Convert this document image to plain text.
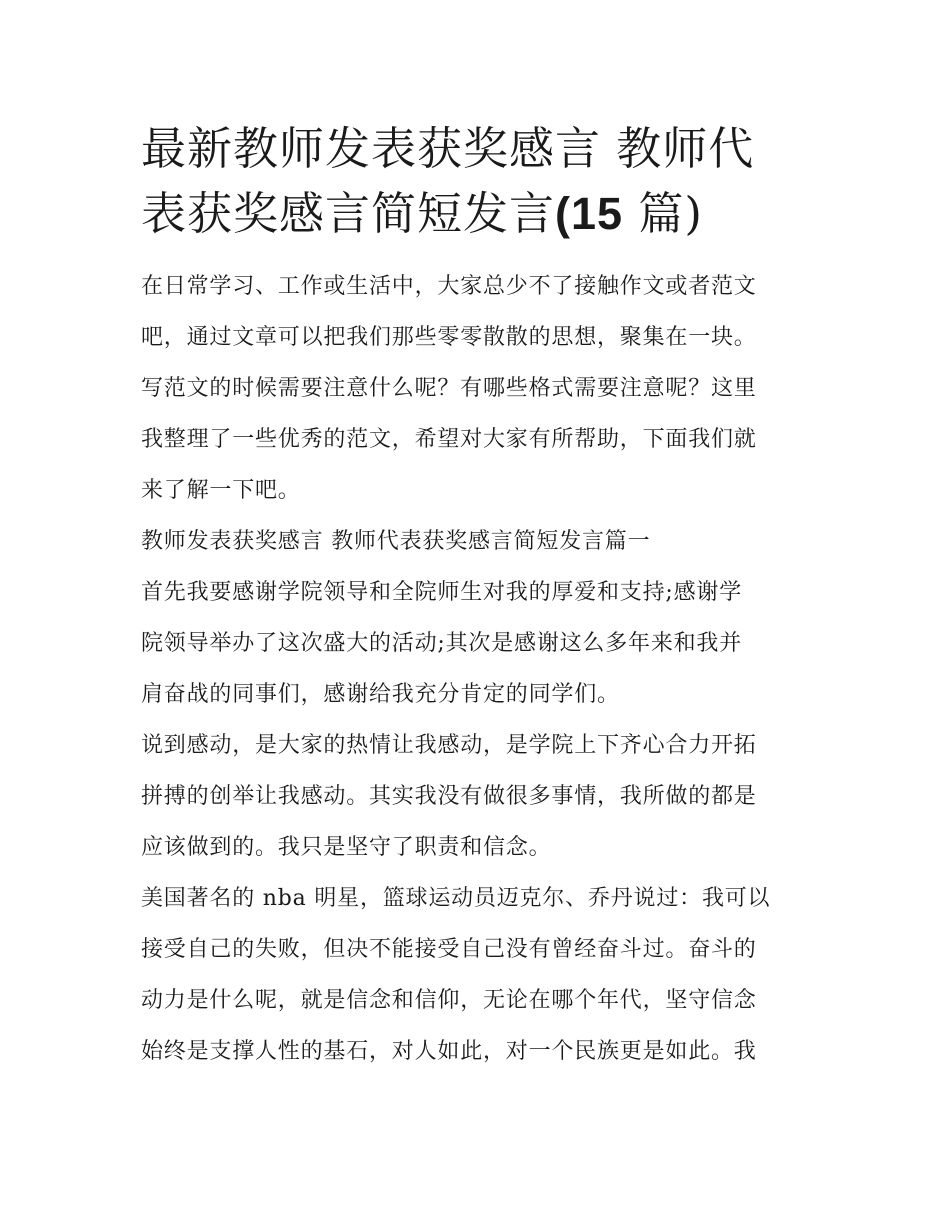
最新教师发表获奖感言 教师代
表获奖感言简短发言(15 篇)
在日常学习、工作或生活中，大家总少不了接触作文或者范文
吧，通过文章可以把我们那些零零散散的思想，聚集在一块。
写范文的时候需要注意什么呢？有哪些格式需要注意呢？这里
我整理了一些优秀的范文，希望对大家有所帮助，下面我们就
来了解一下吧。
教师发表获奖感言 教师代表获奖感言简短发言篇一
首先我要感谢学院领导和全院师生对我的厚爱和支持;感谢学
院领导举办了这次盛大的活动;其次是感谢这么多年来和我并
肩奋战的同事们，感谢给我充分肯定的同学们。
说到感动，是大家的热情让我感动，是学院上下齐心合力开拓
拼搏的创举让我感动。其实我没有做很多事情，我所做的都是
应该做到的。我只是坚守了职责和信念。
美国著名的 nba 明星，篮球运动员迈克尔、乔丹说过：我可以
接受自己的失败，但决不能接受自己没有曾经奋斗过。奋斗的
动力是什么呢，就是信念和信仰，无论在哪个年代，坚守信念
始终是支撑人性的基石，对人如此，对一个民族更是如此。我
